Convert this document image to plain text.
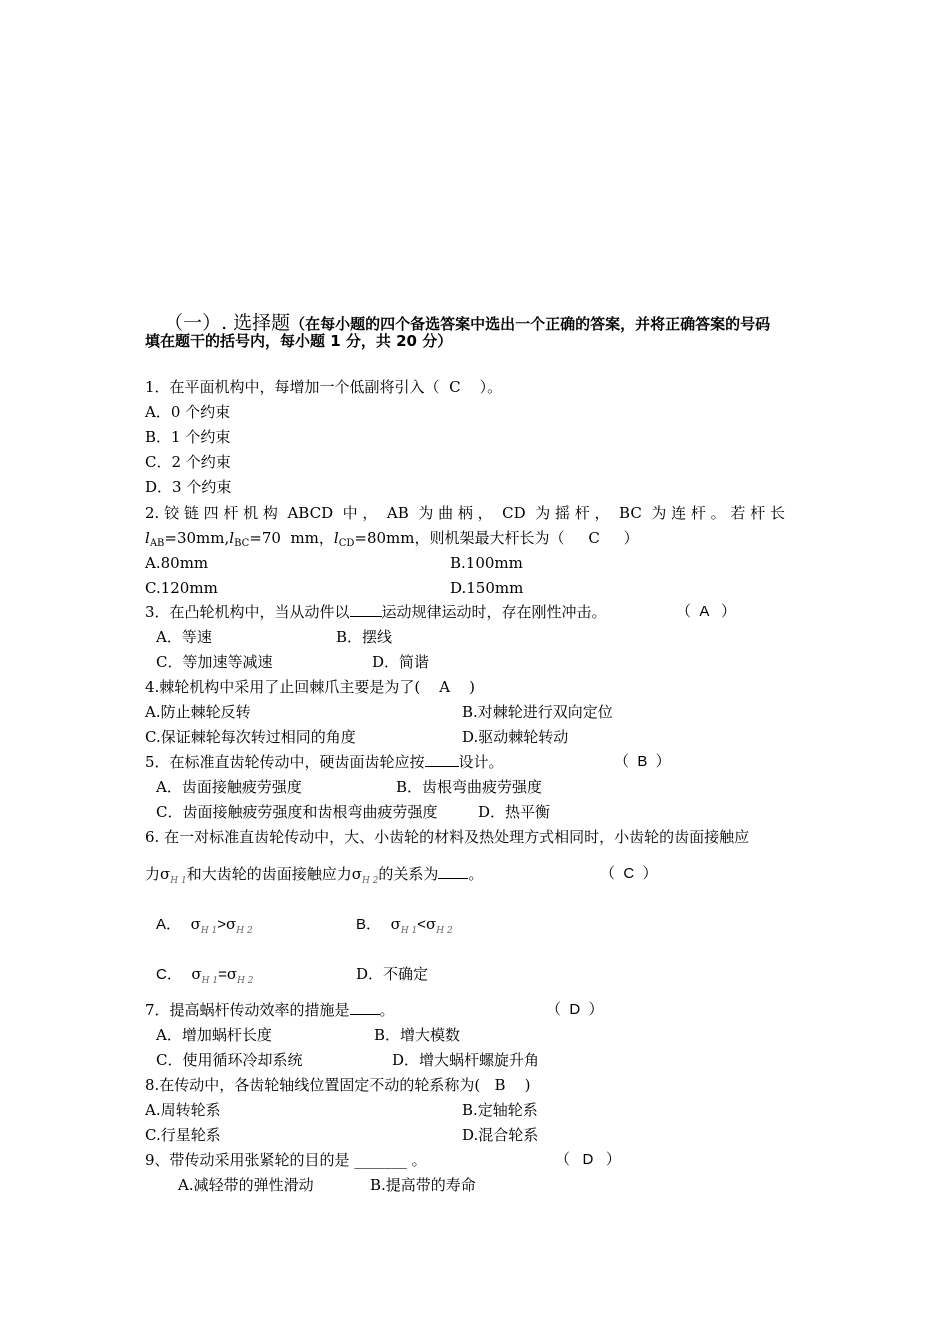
（一）. 选择题（在每小题的四个备选答案中选出一个正确的答案，并将正确答案的号码

填在题干的括号内，每小题 1 分，共 20 分）
1．在平面机构中，每增加一个低副将引入（  C    ）。
A．0 个约束
B．1 个约束
C．2 个约束
D．3 个约束
2. 铰 链 四 杆 机 构  ABCD  中 ，  AB  为 曲 柄 ，  CD  为 摇 杆 ，  BC  为 连 杆 。 若 杆 长
$l_{AB}=30mm,l_{BC}=70$  mm，$l_{CD}=80mm$，则机架最大杆长为（     C     ）
A.80mm	B.100mm
C.120mm	D.150mm
3．在凸轮机构中，当从动件以 运动规律运动时，存在刚性冲击。	（  A   ）
A．等速	B．摆线
C．等加速等减速	D．简谐
4.棘轮机构中采用了止回棘爪主要是为了(    A    )
A.防止棘轮反转	B.对棘轮进行双向定位
C.保证棘轮每次转过相同的角度	D.驱动棘轮转动
5．在标准直齿轮传动中，硬齿面齿轮应按 设计。	（  B  ）
A．齿面接触疲劳强度	B．齿根弯曲疲劳强度
C．齿面接触疲劳强度和齿根弯曲疲劳强度	D．热平衡
6. 在一对标准直齿轮传动中，大、小齿轮的材料及热处理方式相同时，小齿轮的齿面接触应
力$\sigma_{H 1}$和大齿轮的齿面接触应力$\sigma_{H 2}$的关系为 。	（  C  ）
A． $\sigma_{H 1}>\sigma_{H 2}$	B． $\sigma_{H 1}<\sigma_{H 2}$
C． $\sigma_{H 1}=\sigma_{H 2}$	D．不确定
7．提高蜗杆传动效率的措施是 。	（  D  ）
A．增加蜗杆长度	B．增大模数
C．使用循环冷却系统	D．增大蜗杆螺旋升角
8.在传动中，各齿轮轴线位置固定不动的轮系称为(   B    )
A.周转轮系	B.定轴轮系
C.行星轮系	D.混合轮系
9、带传动采用张紧轮的目的是 _______ 。	（   D   ）
A.减轻带的弹性滑动	B.提高带的寿命
